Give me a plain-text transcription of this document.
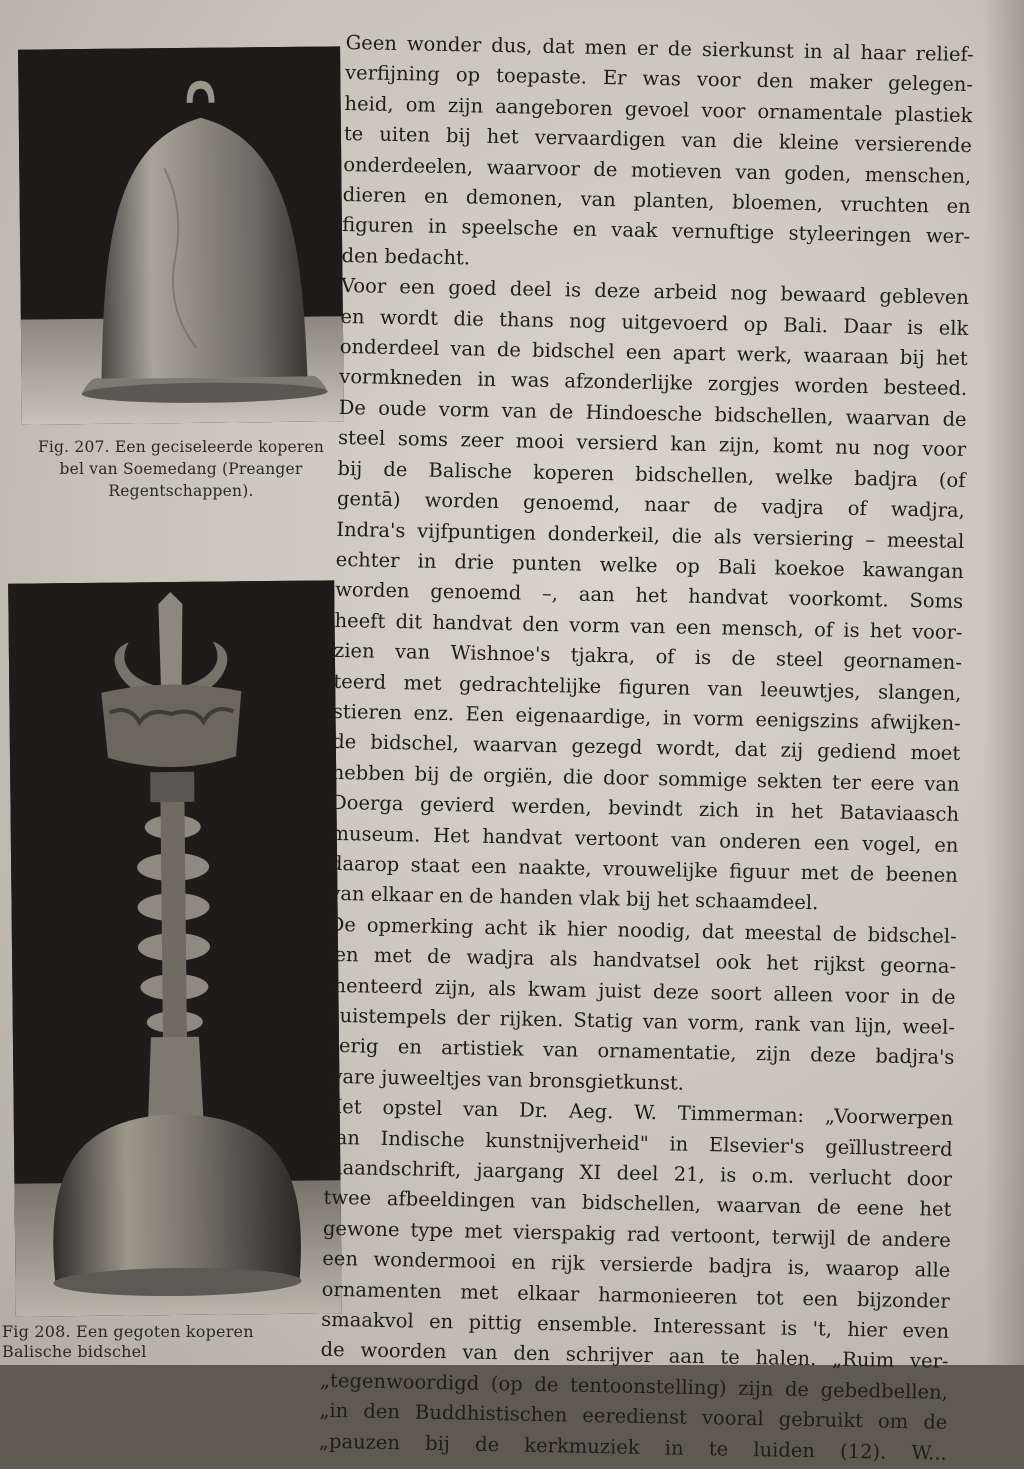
Fig. 207. Een geciseleerde koperen
bel van Soemedang (Preanger
Regentschappen).
Fig 208. Een gegoten koperen
Balische bidschel
Geen wonder dus, dat men er de sierkunst in al haar relief-
verfijning op toepaste. Er was voor den maker gelegen-
heid, om zijn aangeboren gevoel voor ornamentale plastiek
te uiten bij het vervaardigen van die kleine versierende
onderdeelen, waarvoor de motieven van goden, menschen,
dieren en demonen, van planten, bloemen, vruchten en
figuren in speelsche en vaak vernuftige styleeringen wer-
den bedacht.
Voor een goed deel is deze arbeid nog bewaard gebleven
en wordt die thans nog uitgevoerd op Bali. Daar is elk
onderdeel van de bidschel een apart werk, waaraan bij het
vormkneden in was afzonderlijke zorgjes worden besteed.
De oude vorm van de Hindoesche bidschellen, waarvan de
steel soms zeer mooi versierd kan zijn, komt nu nog voor
bij de Balische koperen bidschellen, welke badjra (of
gentā) worden genoemd, naar de vadjra of wadjra,
Indra's vijfpuntigen donderkeil, die als versiering – meestal
echter in drie punten welke op Bali koekoe kawangan
worden genoemd –, aan het handvat voorkomt. Soms
heeft dit handvat den vorm van een mensch, of is het voor-
zien van Wishnoe's tjakra, of is de steel geornamen-
teerd met gedrachtelijke figuren van leeuwtjes, slangen,
stieren enz. Een eigenaardige, in vorm eenigszins afwijken-
de bidschel, waarvan gezegd wordt, dat zij gediend moet
hebben bij de orgiën, die door sommige sekten ter eere van
Doerga gevierd werden, bevindt zich in het Bataviaasch
museum. Het handvat vertoont van onderen een vogel, en
daarop staat een naakte, vrouwelijke figuur met de beenen
van elkaar en de handen vlak bij het schaamdeel.
De opmerking acht ik hier noodig, dat meestal de bidschel-
len met de wadjra als handvatsel ook het rijkst georna-
menteerd zijn, als kwam juist deze soort alleen voor in de
huistempels der rijken. Statig van vorm, rank van lijn, weel-
derig en artistiek van ornamentatie, zijn deze badjra's
ware juweeltjes van bronsgietkunst.
Het opstel van Dr. Aeg. W. Timmerman: „Voorwerpen
van Indische kunstnijverheid" in Elsevier's geïllustreerd
maandschrift, jaargang XI deel 21, is o.m. verlucht door
twee afbeeldingen van bidschellen, waarvan de eene het
gewone type met vierspakig rad vertoont, terwijl de andere
een wondermooi en rijk versierde badjra is, waarop alle
ornamenten met elkaar harmonieeren tot een bijzonder
smaakvol en pittig ensemble. Interessant is 't, hier even
de woorden van den schrijver aan te halen. „Ruim ver-
„tegenwoordigd (op de tentoonstelling) zijn de gebedbellen,
„in den Buddhistischen eeredienst vooral gebruikt om de
„pauzen bij de kerkmuziek in te luiden (12). W...
